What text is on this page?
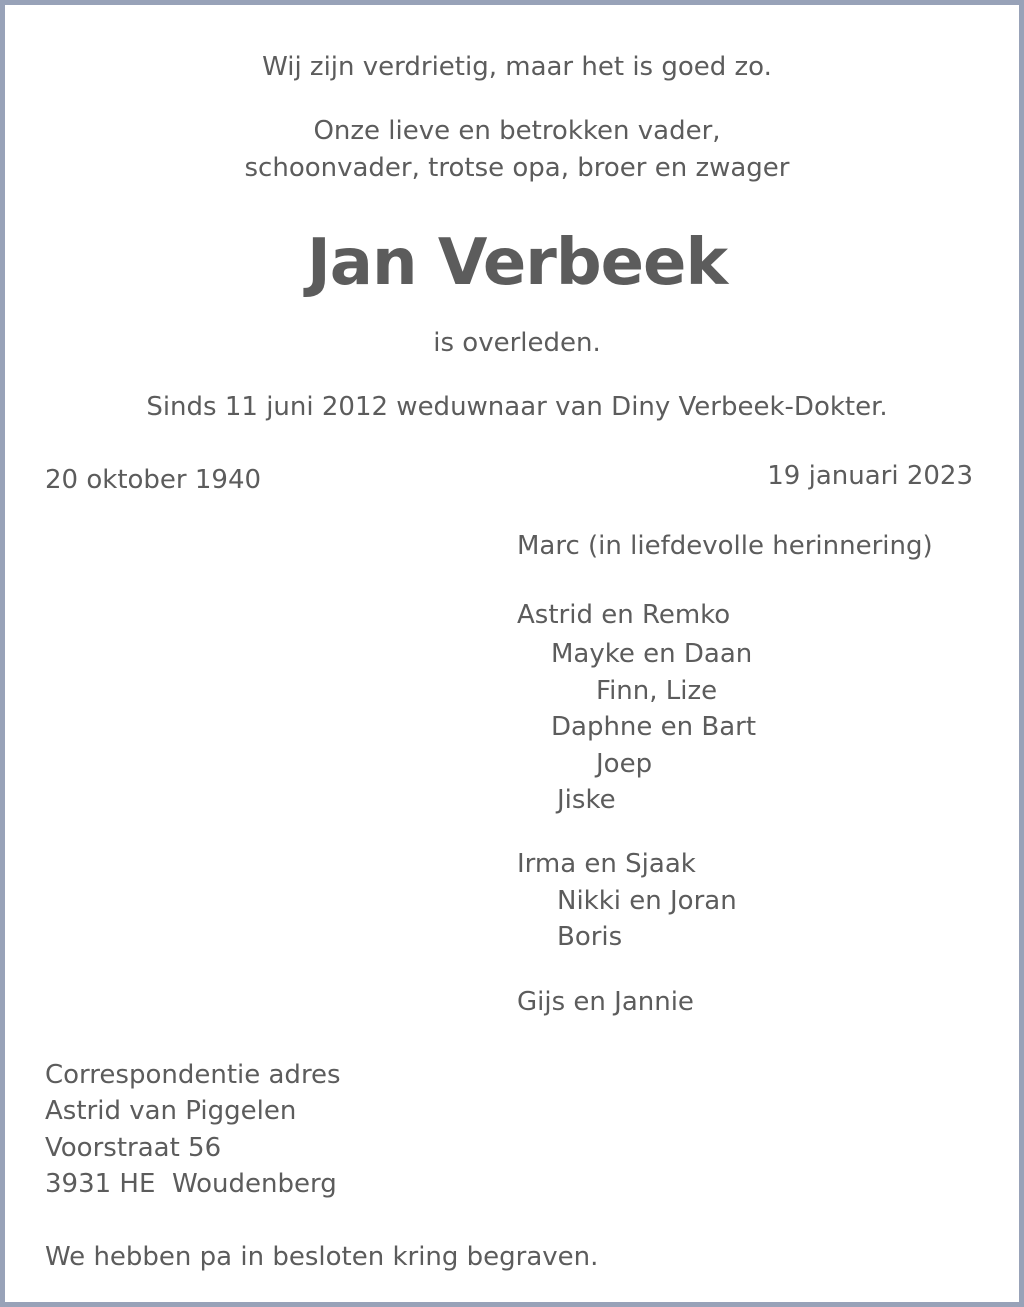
Wij zijn verdrietig, maar het is goed zo.
Onze lieve en betrokken vader,
schoonvader, trotse opa, broer en zwager
Jan Verbeek
is overleden.
Sinds 11 juni 2012 weduwnaar van Diny Verbeek-Dokter.
20 oktober 1940	19 januari 2023
Marc (in liefdevolle herinnering)
Astrid en Remko
Mayke en Daan
Finn, Lize
Daphne en Bart
Joep
Jiske
Irma en Sjaak
Nikki en Joran
Boris
Gijs en Jannie
Correspondentie adres
Astrid van Piggelen
Voorstraat 56
3931 HE  Woudenberg
We hebben pa in besloten kring begraven.
